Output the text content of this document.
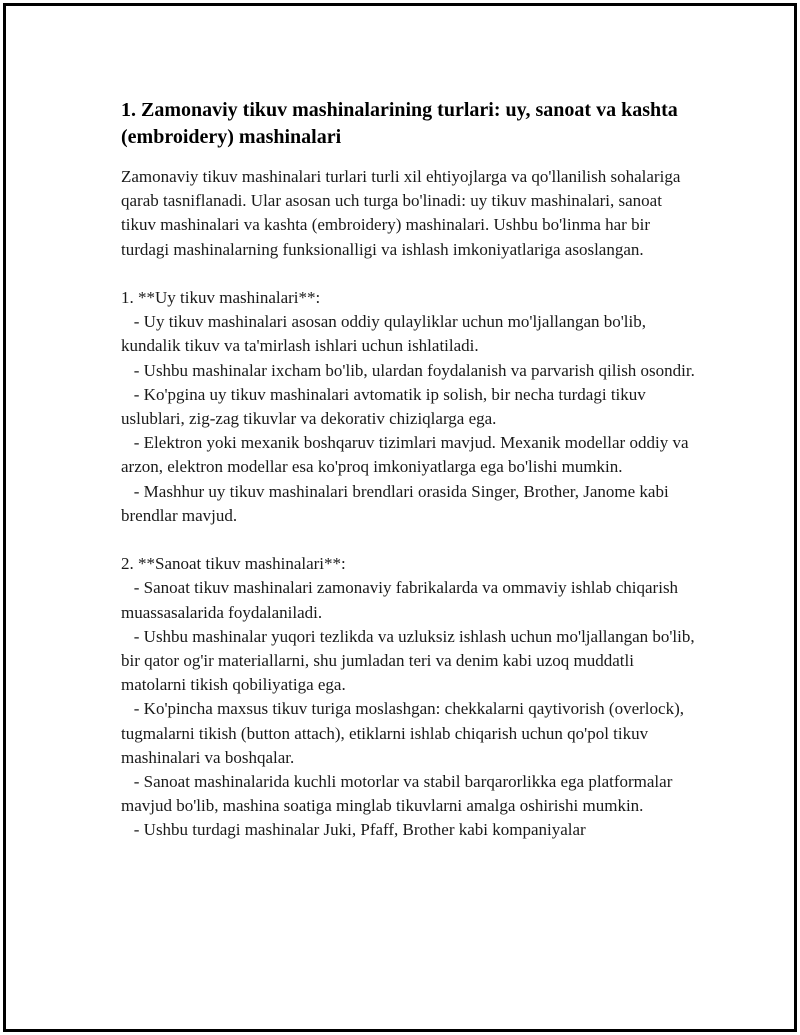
1. Zamonaviy tikuv mashinalarining turlari: uy, sanoat va kashta (embroidery) mashinalari

Zamonaviy tikuv mashinalari turlari turli xil ehtiyojlarga va qo'llanilish sohalariga qarab tasniflanadi. Ular asosan uch turga bo'linadi: uy tikuv mashinalari, sanoat tikuv mashinalari va kashta (embroidery) mashinalari. Ushbu bo'linma har bir turdagi mashinalarning funksionalligi va ishlash imkoniyatlariga asoslangan.

1. **Uy tikuv mashinalari**:

- Uy tikuv mashinalari asosan oddiy qulayliklar uchun mo'ljallangan bo'lib, kundalik tikuv va ta'mirlash ishlari uchun ishlatiladi.

- Ushbu mashinalar ixcham bo'lib, ulardan foydalanish va parvarish qilish osondir.

- Ko'pgina uy tikuv mashinalari avtomatik ip solish, bir necha turdagi tikuv uslublari, zig-zag tikuvlar va dekorativ chiziqlarga ega.

- Elektron yoki mexanik boshqaruv tizimlari mavjud. Mexanik modellar oddiy va arzon, elektron modellar esa ko'proq imkoniyatlarga ega bo'lishi mumkin.

- Mashhur uy tikuv mashinalari brendlari orasida Singer, Brother, Janome kabi brendlar mavjud.

2. **Sanoat tikuv mashinalari**:

- Sanoat tikuv mashinalari zamonaviy fabrikalarda va ommaviy ishlab chiqarish muassasalarida foydalaniladi.

- Ushbu mashinalar yuqori tezlikda va uzluksiz ishlash uchun mo'ljallangan bo'lib, bir qator og'ir materiallarni, shu jumladan teri va denim kabi uzoq muddatli matolarni tikish qobiliyatiga ega.

- Ko'pincha maxsus tikuv turiga moslashgan: chekkalarni qaytivorish (overlock), tugmalarni tikish (button attach), etiklarni ishlab chiqarish uchun qo'pol tikuv mashinalari va boshqalar.

- Sanoat mashinalarida kuchli motorlar va stabil barqarorlikka ega platformalar mavjud bo'lib, mashina soatiga minglab tikuvlarni amalga oshirishi mumkin.

- Ushbu turdagi mashinalar Juki, Pfaff, Brother kabi kompaniyalar
